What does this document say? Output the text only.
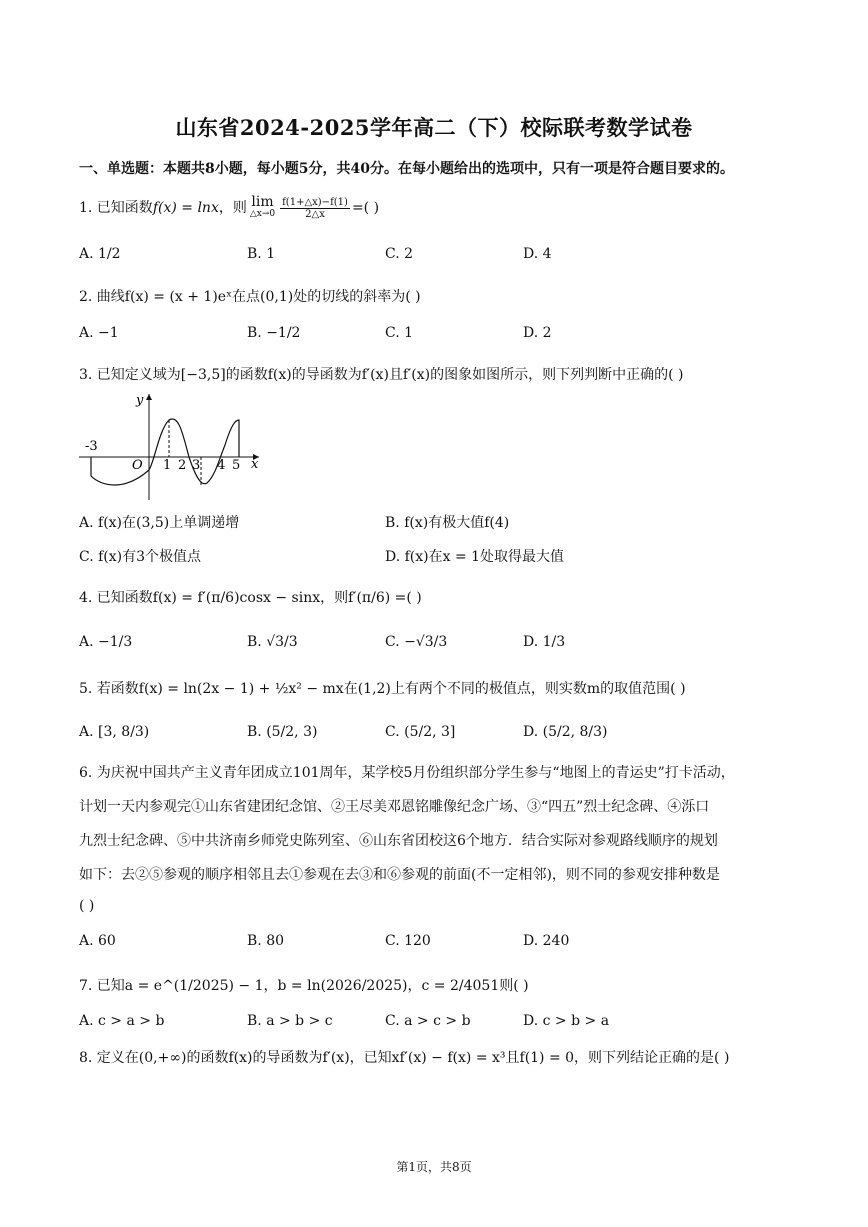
山东省2024-2025学年高二（下）校际联考数学试卷
一、单选题：本题共8小题，每小题5分，共40分。在每小题给出的选项中，只有一项是符合题目要求的。
1. 已知函数f(x) = lnx，则 lim
△x→0 $\frac{f(1+\triangle x)-f(1)}{2\triangle x}$ =( )
A. 1/2	B. 1	C. 2	D. 4
2. 曲线f(x) = (x + 1)eˣ在点(0,1)处的切线的斜率为( )
A. −1	B. −1/2	C. 1	D. 2
3. 已知定义域为[−3,5]的函数f(x)的导函数为f′(x)且f′(x)的图象如图所示，则下列判断中正确的( )
-3
O 1 2 3 4 5 x
y
A. f(x)在(3,5)上单调递增	B. f(x)有极大值f(4)
C. f(x)有3个极值点	D. f(x)在x = 1处取得最大值
4. 已知函数f(x) = f′(π/6)cosx − sinx，则f′(π/6) =( )
A. −1/3	B. √3/3	C. −√3/3	D. 1/3
5. 若函数f(x) = ln(2x − 1) + ½x² − mx在(1,2)上有两个不同的极值点，则实数m的取值范围( )
A. [3, 8/3)	B. (5/2, 3)	C. (5/2, 3]	D. (5/2, 8/3)
6. 为庆祝中国共产主义青年团成立101周年，某学校5月份组织部分学生参与“地图上的青运史”打卡活动，
计划一天内参观完①山东省建团纪念馆、②王尽美邓恩铭雕像纪念广场、③“四五”烈士纪念碑、④泺口
九烈士纪念碑、⑤中共济南乡师党史陈列室、⑥山东省团校这6个地方．结合实际对参观路线顺序的规划
如下：去②⑤参观的顺序相邻且去①参观在去③和⑥参观的前面(不一定相邻)，则不同的参观安排种数是
( )
A. 60	B. 80	C. 120	D. 240
7. 已知a = e^(1/2025) − 1，b = ln(2026/2025)，c = 2/4051则( )
A. c > a > b	B. a > b > c	C. a > c > b	D. c > b > a
8. 定义在(0,+∞)的函数f(x)的导函数为f′(x)，已知xf′(x) − f(x) = x³且f(1) = 0，则下列结论正确的是( )
第1页，共8页
